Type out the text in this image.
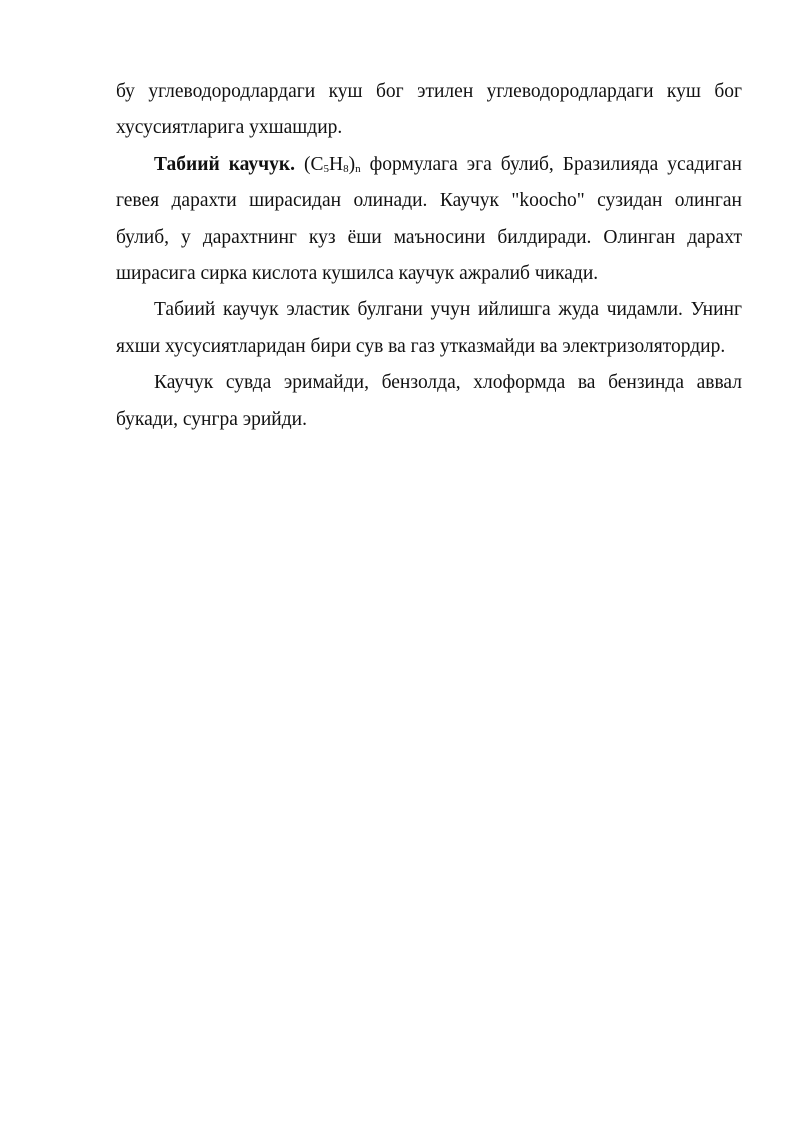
бу углеводородлардаги куш бог этилен углеводородлардаги куш бог хусусиятларига ухшашдир.

Табиий каучук. (C5H8)n формулага эга булиб, Бразилияда усадиган гевея дарахти ширасидан олинади. Каучук "koocho" сузидан олинган булиб, у дарахтнинг куз ёши маъносини билдиради. Олинган дарахт ширасига сирка кислота кушилса каучук ажралиб чикади.

Табиий каучук эластик булгани учун ийлишга жуда чидамли. Унинг яхши хусусиятларидан бири сув ва газ утказмайди ва электризолятордир.

Каучук сувда эримайди, бензолда, хлоформда ва бензинда аввал букади, сунгра эрийди.
